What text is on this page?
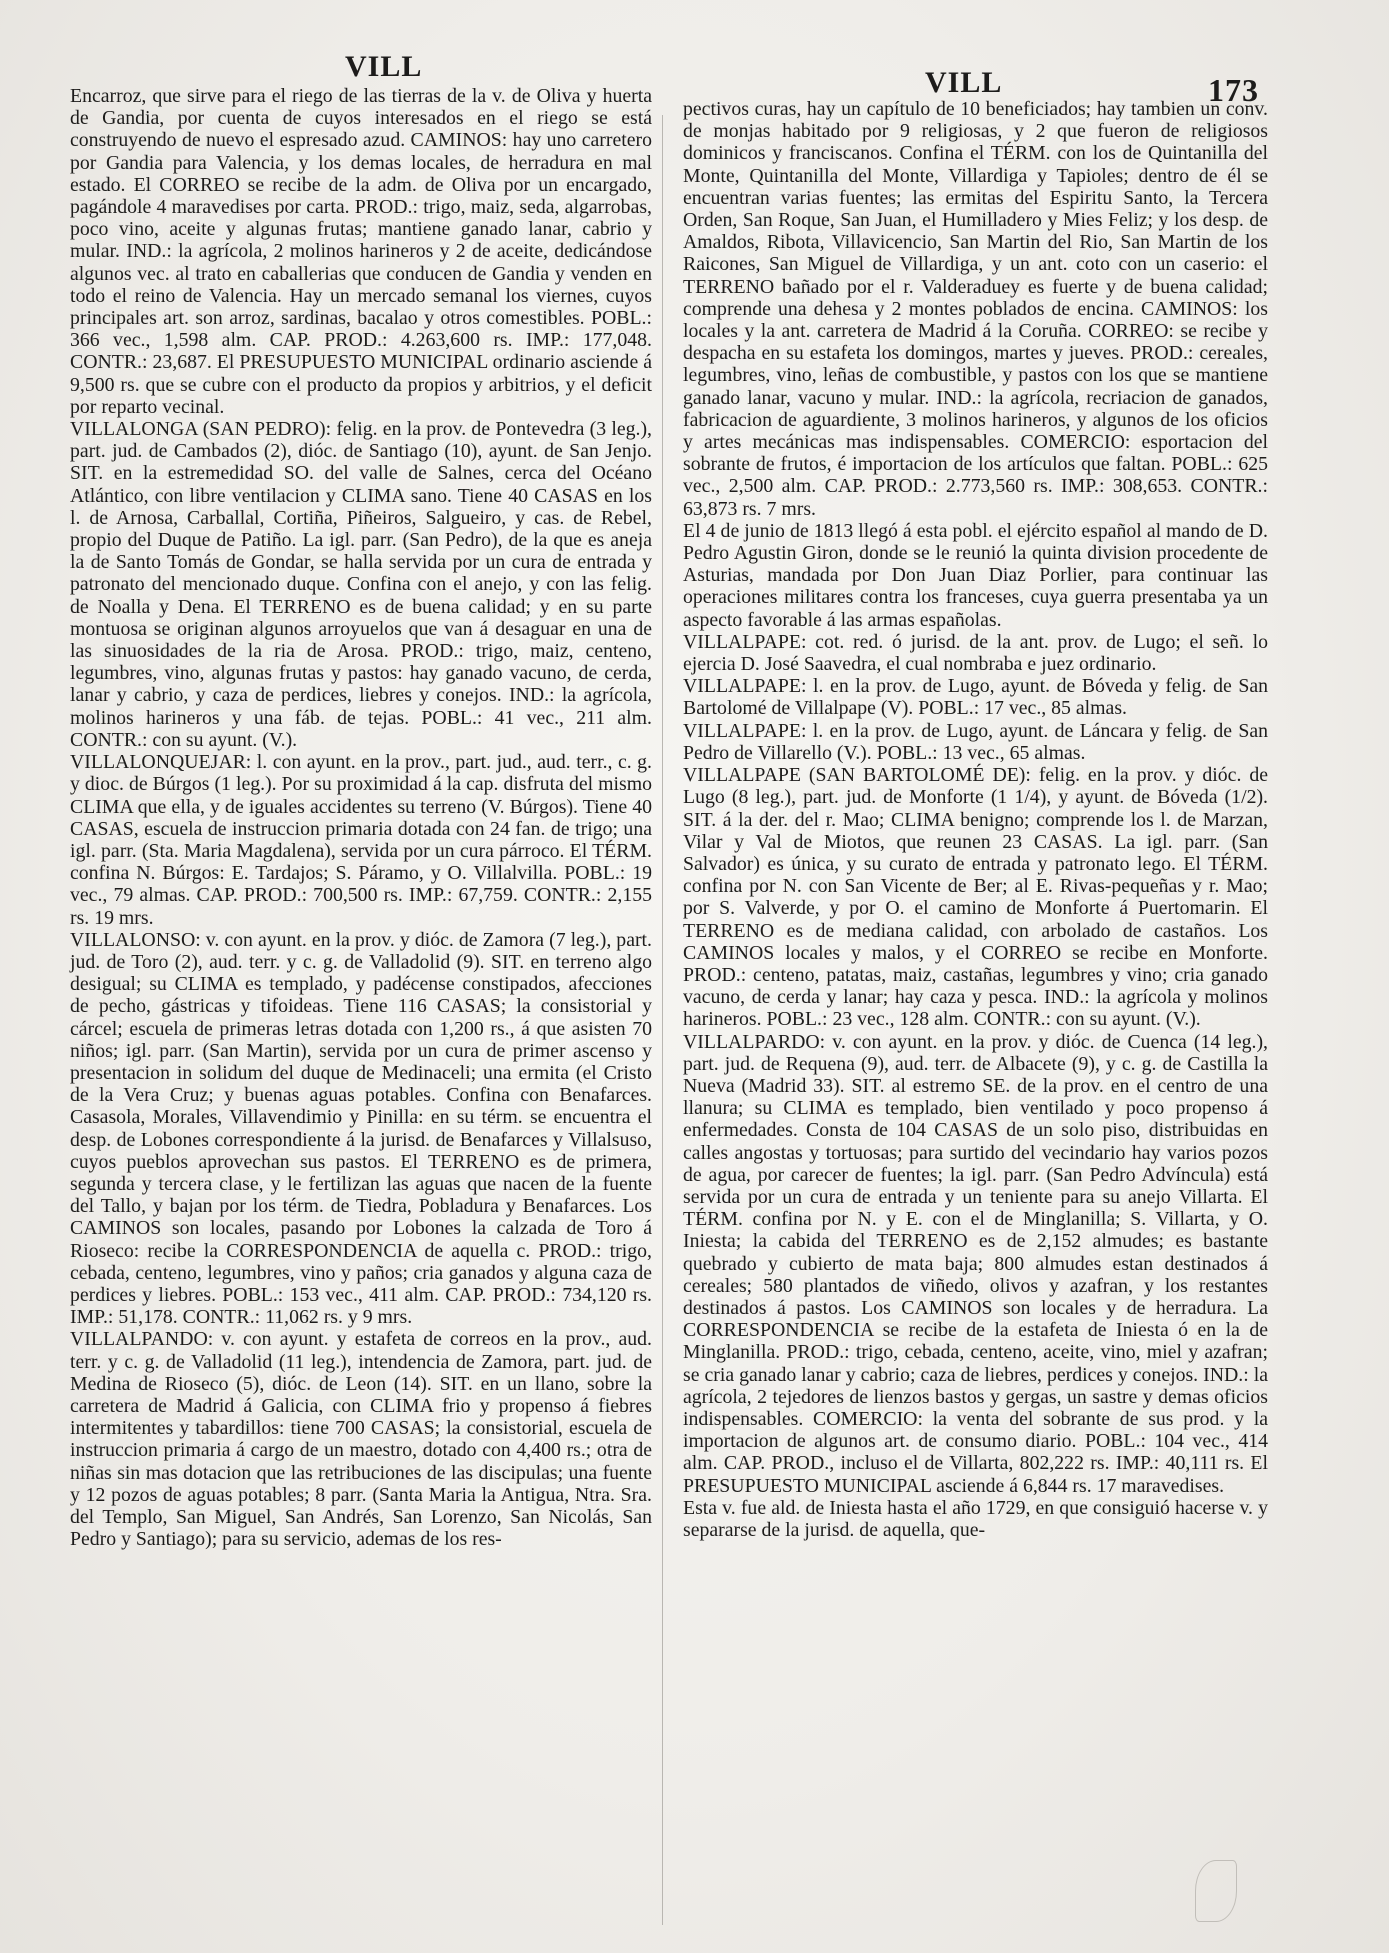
VILL	VILL	173

Encarroz, que sirve para el riego de las tierras de la v. de Oliva y huerta de Gandia, por cuenta de cuyos interesados en el riego se está construyendo de nuevo el espresado azud. CAMINOS: hay uno carretero por Gandia para Valencia, y los demas locales, de herradura en mal estado. El CORREO se recibe de la adm. de Oliva por un encargado, pagándole 4 maravedises por carta. PROD.: trigo, maiz, seda, algarrobas, poco vino, aceite y algunas frutas; mantiene ganado lanar, cabrio y mular. IND.: la agrícola, 2 molinos harineros y 2 de aceite, dedicándose algunos vec. al trato en caballerias que conducen de Gandia y venden en todo el reino de Valencia. Hay un mercado semanal los viernes, cuyos principales art. son arroz, sardinas, bacalao y otros comestibles. POBL.: 366 vec., 1,598 alm. CAP. PROD.: 4.263,600 rs. IMP.: 177,048. CONTR.: 23,687. El PRESUPUESTO MUNICIPAL ordinario asciende á 9,500 rs. que se cubre con el producto da propios y arbitrios, y el deficit por reparto vecinal.

VILLALONGA (SAN PEDRO): felig. en la prov. de Pontevedra (3 leg.), part. jud. de Cambados (2), dióc. de Santiago (10), ayunt. de San Jenjo. SIT. en la estremedidad SO. del valle de Salnes, cerca del Océano Atlántico, con libre ventilacion y CLIMA sano. Tiene 40 CASAS en los l. de Arnosa, Carballal, Cortiña, Piñeiros, Salgueiro, y cas. de Rebel, propio del Duque de Patiño. La igl. parr. (San Pedro), de la que es aneja la de Santo Tomás de Gondar, se halla servida por un cura de entrada y patronato del mencionado duque. Confina con el anejo, y con las felig. de Noalla y Dena. El TERRENO es de buena calidad; y en su parte montuosa se originan algunos arroyuelos que van á desaguar en una de las sinuosidades de la ria de Arosa. PROD.: trigo, maiz, centeno, legumbres, vino, algunas frutas y pastos: hay ganado vacuno, de cerda, lanar y cabrio, y caza de perdices, liebres y conejos. IND.: la agrícola, molinos harineros y una fáb. de tejas. POBL.: 41 vec., 211 alm. CONTR.: con su ayunt. (V.).

VILLALONQUEJAR: l. con ayunt. en la prov., part. jud., aud. terr., c. g. y dioc. de Búrgos (1 leg.). Por su proximidad á la cap. disfruta del mismo CLIMA que ella, y de iguales accidentes su terreno (V. Búrgos). Tiene 40 CASAS, escuela de instruccion primaria dotada con 24 fan. de trigo; una igl. parr. (Sta. Maria Magdalena), servida por un cura párroco. El TÉRM. confina N. Búrgos: E. Tardajos; S. Páramo, y O. Villalvilla. POBL.: 19 vec., 79 almas. CAP. PROD.: 700,500 rs. IMP.: 67,759. CONTR.: 2,155 rs. 19 mrs.

VILLALONSO: v. con ayunt. en la prov. y dióc. de Zamora (7 leg.), part. jud. de Toro (2), aud. terr. y c. g. de Valladolid (9). SIT. en terreno algo desigual; su CLIMA es templado, y padécense constipados, afecciones de pecho, gástricas y tifoideas. Tiene 116 CASAS; la consistorial y cárcel; escuela de primeras letras dotada con 1,200 rs., á que asisten 70 niños; igl. parr. (San Martin), servida por un cura de primer ascenso y presentacion in solidum del duque de Medinaceli; una ermita (el Cristo de la Vera Cruz; y buenas aguas potables. Confina con Benafarces. Casasola, Morales, Villavendimio y Pinilla: en su térm. se encuentra el desp. de Lobones correspondiente á la jurisd. de Benafarces y Villalsuso, cuyos pueblos aprovechan sus pastos. El TERRENO es de primera, segunda y tercera clase, y le fertilizan las aguas que nacen de la fuente del Tallo, y bajan por los térm. de Tiedra, Pobladura y Benafarces. Los CAMINOS son locales, pasando por Lobones la calzada de Toro á Rioseco: recibe la CORRESPONDENCIA de aquella c. PROD.: trigo, cebada, centeno, legumbres, vino y paños; cria ganados y alguna caza de perdices y liebres. POBL.: 153 vec., 411 alm. CAP. PROD.: 734,120 rs. IMP.: 51,178. CONTR.: 11,062 rs. y 9 mrs.

VILLALPANDO: v. con ayunt. y estafeta de correos en la prov., aud. terr. y c. g. de Valladolid (11 leg.), intendencia de Zamora, part. jud. de Medina de Rioseco (5), dióc. de Leon (14). SIT. en un llano, sobre la carretera de Madrid á Galicia, con CLIMA frio y propenso á fiebres intermitentes y tabardillos: tiene 700 CASAS; la consistorial, escuela de instruccion primaria á cargo de un maestro, dotado con 4,400 rs.; otra de niñas sin mas dotacion que las retribuciones de las discipulas; una fuente y 12 pozos de aguas potables; 8 parr. (Santa Maria la Antigua, Ntra. Sra. del Templo, San Miguel, San Andrés, San Lorenzo, San Nicolás, San Pedro y Santiago); para su servicio, ademas de los res-

pectivos curas, hay un capítulo de 10 beneficiados; hay tambien un conv. de monjas habitado por 9 religiosas, y 2 que fueron de religiosos dominicos y franciscanos. Confina el TÉRM. con los de Quintanilla del Monte, Quintanilla del Monte, Villardiga y Tapioles; dentro de él se encuentran varias fuentes; las ermitas del Espiritu Santo, la Tercera Orden, San Roque, San Juan, el Humilladero y Mies Feliz; y los desp. de Amaldos, Ribota, Villavicencio, San Martin del Rio, San Martin de los Raicones, San Miguel de Villardiga, y un ant. coto con un caserio: el TERRENO bañado por el r. Valderaduey es fuerte y de buena calidad; comprende una dehesa y 2 montes poblados de encina. CAMINOS: los locales y la ant. carretera de Madrid á la Coruña. CORREO: se recibe y despacha en su estafeta los domingos, martes y jueves. PROD.: cereales, legumbres, vino, leñas de combustible, y pastos con los que se mantiene ganado lanar, vacuno y mular. IND.: la agrícola, recriacion de ganados, fabricacion de aguardiente, 3 molinos harineros, y algunos de los oficios y artes mecánicas mas indispensables. COMERCIO: esportacion del sobrante de frutos, é importacion de los artículos que faltan. POBL.: 625 vec., 2,500 alm. CAP. PROD.: 2.773,560 rs. IMP.: 308,653. CONTR.: 63,873 rs. 7 mrs.

El 4 de junio de 1813 llegó á esta pobl. el ejército español al mando de D. Pedro Agustin Giron, donde se le reunió la quinta division procedente de Asturias, mandada por Don Juan Diaz Porlier, para continuar las operaciones militares contra los franceses, cuya guerra presentaba ya un aspecto favorable á las armas españolas.

VILLALPAPE: cot. red. ó jurisd. de la ant. prov. de Lugo; el señ. lo ejercia D. José Saavedra, el cual nombraba e juez ordinario.

VILLALPAPE: l. en la prov. de Lugo, ayunt. de Bóveda y felig. de San Bartolomé de Villalpape (V). POBL.: 17 vec., 85 almas.

VILLALPAPE: l. en la prov. de Lugo, ayunt. de Láncara y felig. de San Pedro de Villarello (V.). POBL.: 13 vec., 65 almas.

VILLALPAPE (SAN BARTOLOMÉ DE): felig. en la prov. y dióc. de Lugo (8 leg.), part. jud. de Monforte (1 1/4), y ayunt. de Bóveda (1/2). SIT. á la der. del r. Mao; CLIMA benigno; comprende los l. de Marzan, Vilar y Val de Miotos, que reunen 23 CASAS. La igl. parr. (San Salvador) es única, y su curato de entrada y patronato lego. El TÉRM. confina por N. con San Vicente de Ber; al E. Rivas-pequeñas y r. Mao; por S. Valverde, y por O. el camino de Monforte á Puertomarin. El TERRENO es de mediana calidad, con arbolado de castaños. Los CAMINOS locales y malos, y el CORREO se recibe en Monforte. PROD.: centeno, patatas, maiz, castañas, legumbres y vino; cria ganado vacuno, de cerda y lanar; hay caza y pesca. IND.: la agrícola y molinos harineros. POBL.: 23 vec., 128 alm. CONTR.: con su ayunt. (V.).

VILLALPARDO: v. con ayunt. en la prov. y dióc. de Cuenca (14 leg.), part. jud. de Requena (9), aud. terr. de Albacete (9), y c. g. de Castilla la Nueva (Madrid 33). SIT. al estremo SE. de la prov. en el centro de una llanura; su CLIMA es templado, bien ventilado y poco propenso á enfermedades. Consta de 104 CASAS de un solo piso, distribuidas en calles angostas y tortuosas; para surtido del vecindario hay varios pozos de agua, por carecer de fuentes; la igl. parr. (San Pedro Advíncula) está servida por un cura de entrada y un teniente para su anejo Villarta. El TÉRM. confina por N. y E. con el de Minglanilla; S. Villarta, y O. Iniesta; la cabida del TERRENO es de 2,152 almudes; es bastante quebrado y cubierto de mata baja; 800 almudes estan destinados á cereales; 580 plantados de viñedo, olivos y azafran, y los restantes destinados á pastos. Los CAMINOS son locales y de herradura. La CORRESPONDENCIA se recibe de la estafeta de Iniesta ó en la de Minglanilla. PROD.: trigo, cebada, centeno, aceite, vino, miel y azafran; se cria ganado lanar y cabrio; caza de liebres, perdices y conejos. IND.: la agrícola, 2 tejedores de lienzos bastos y gergas, un sastre y demas oficios indispensables. COMERCIO: la venta del sobrante de sus prod. y la importacion de algunos art. de consumo diario. POBL.: 104 vec., 414 alm. CAP. PROD., incluso el de Villarta, 802,222 rs. IMP.: 40,111 rs. El PRESUPUESTO MUNICIPAL asciende á 6,844 rs. 17 maravedises.

Esta v. fue ald. de Iniesta hasta el año 1729, en que consiguió hacerse v. y separarse de la jurisd. de aquella, que-
